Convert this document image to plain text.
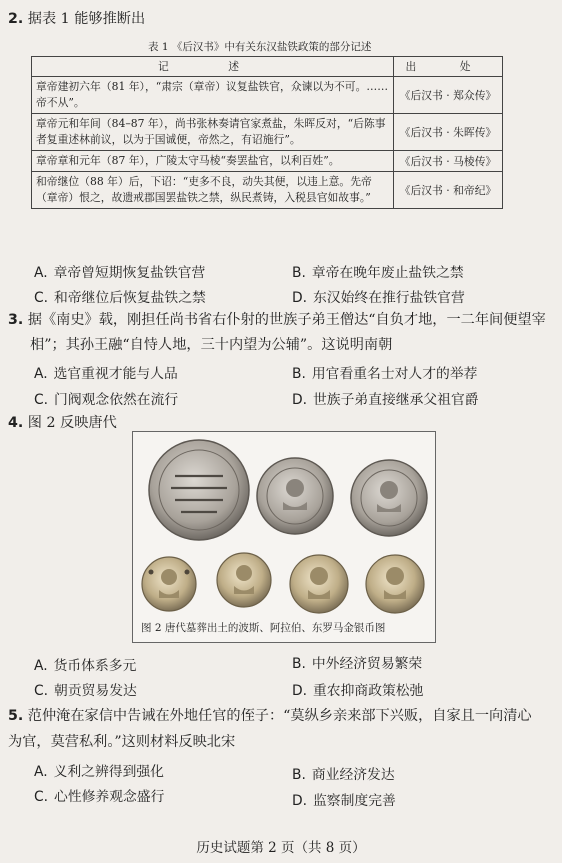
2. 据表 1 能够推断出
表 1 《后汉书》中有关东汉盐铁政策的部分记述
记 述	出 处
章帝建初六年（81 年），“肃宗（章帝）议复盐铁官，众谏以为不可。……帝不从”。	《后汉书 · 郑众传》
章帝元和年间（84–87 年），尚书张林奏请官家煮盐，朱晖反对，“后陈事者复重述林前议，以为于国诚便，帝然之，有诏施行”。	《后汉书 · 朱晖传》
章帝章和元年（87 年），广陵太守马棱“奏罢盐官，以利百姓”。	《后汉书 · 马棱传》
和帝继位（88 年）后，下诏：“吏多不良，动失其便，以违上意。先帝（章帝）恨之，故遗戒郡国罢盐铁之禁，纵民煮铸，入税县官如故事。”	《后汉书 · 和帝纪》
A. 章帝曾短期恢复盐铁官营	B. 章帝在晚年废止盐铁之禁
C. 和帝继位后恢复盐铁之禁	D. 东汉始终在推行盐铁官营
3. 据《南史》载，刚担任尚书省右仆射的世族子弟王僧达“自负才地，一二年间便望宰
相”；其孙王融“自恃人地，三十内望为公辅”。这说明南朝
A. 选官重视才能与人品	B. 用官看重名士对人才的举荐
C. 门阀观念依然在流行	D. 世族子弟直接继承父祖官爵
4. 图 2 反映唐代
图 2 唐代墓葬出土的波斯、阿拉伯、东罗马金银币图
A. 货币体系多元	B. 中外经济贸易繁荣
C. 朝贡贸易发达	D. 重农抑商政策松弛
5. 范仲淹在家信中告诫在外地任官的侄子：“莫纵乡亲来部下兴贩，自家且一向清心
为官，莫营私利。”这则材料反映北宋
A. 义利之辨得到强化	B. 商业经济发达
C. 心性修养观念盛行	D. 监察制度完善
历史试题第 2 页（共 8 页）
